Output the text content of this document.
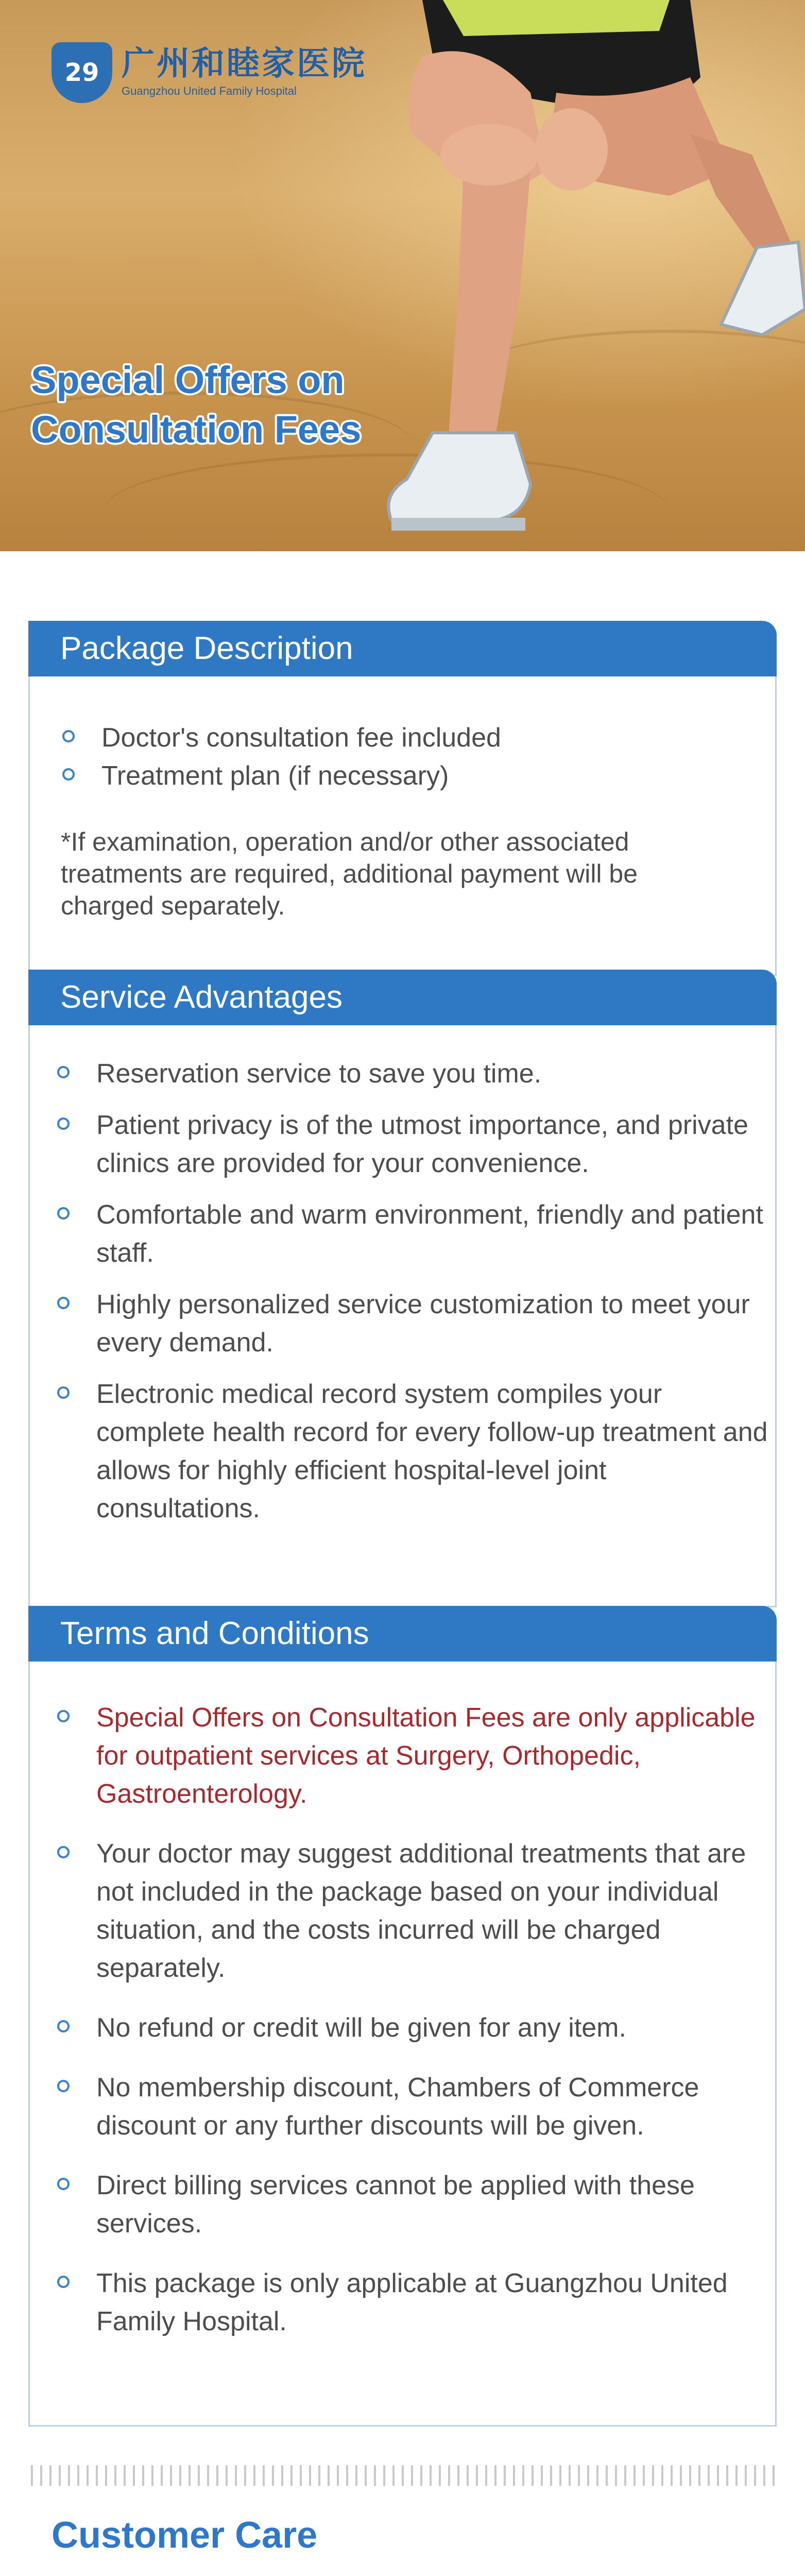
29 广州和睦家医院
Guangzhou United Family Hospital
Special Offers on
Consultation Fees
Package Description
Doctor's consultation fee included
Treatment plan (if necessary)
*If examination, operation and/or other associated treatments are required, additional payment will be charged separately.
Service Advantages
Reservation service to save you time.
Patient privacy is of the utmost importance, and private clinics are provided for your convenience.
Comfortable and warm environment, friendly and patient staff.
Highly personalized service customization to meet your every demand.
Electronic medical record system compiles your complete health record for every follow-up treatment and allows for highly efficient hospital-level joint consultations.
Terms and Conditions
Special Offers on Consultation Fees are only applicable for outpatient services at Surgery, Orthopedic, Gastroenterology.
Your doctor may suggest additional treatments that are not included in the package based on your individual situation, and the costs incurred will be charged separately.
No refund or credit will be given for any item.
No membership discount, Chambers of Commerce discount or any further discounts will be given.
Direct billing services cannot be applied with these services.
This package is only applicable at Guangzhou United Family Hospital.
Customer Care
